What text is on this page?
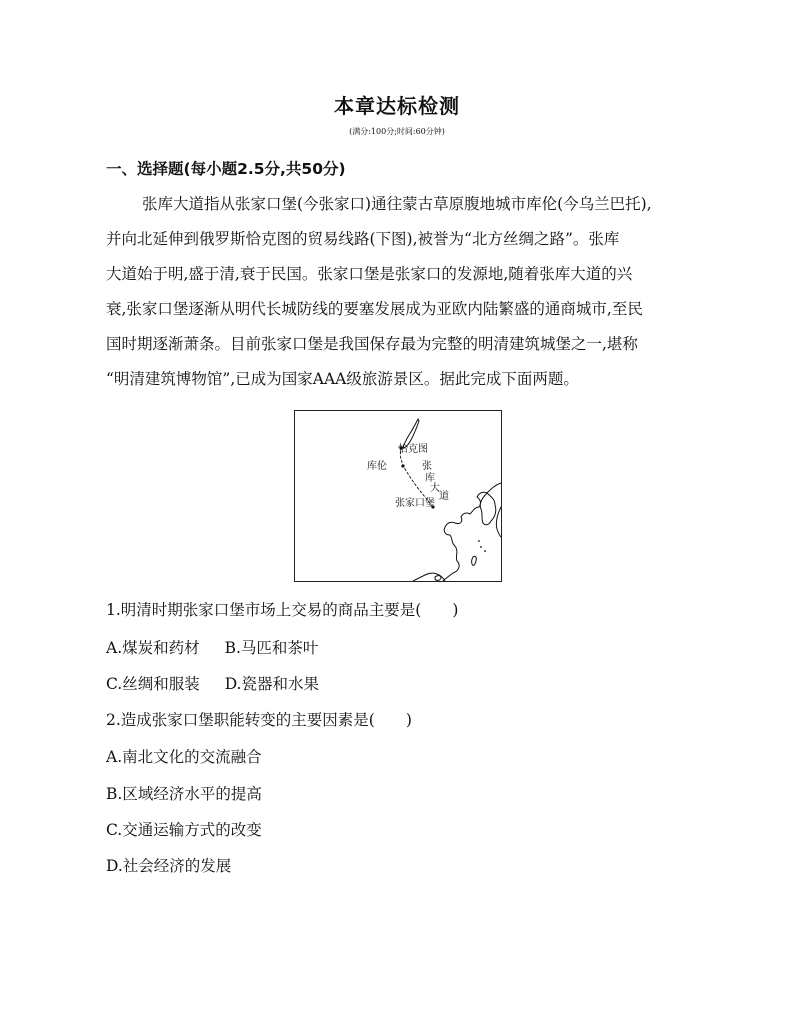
本章达标检测
(满分:100分;时间:60分钟)
一、选择题(每小题2.5分,共50分)
张库大道指从张家口堡(今张家口)通往蒙古草原腹地城市库伦(今乌兰巴托),
并向北延伸到俄罗斯恰克图的贸易线路(下图),被誉为“北方丝绸之路”。张库
大道始于明,盛于清,衰于民国。张家口堡是张家口的发源地,随着张库大道的兴
衰,张家口堡逐渐从明代长城防线的要塞发展成为亚欧内陆繁盛的通商城市,至民
国时期逐渐萧条。目前张家口堡是我国保存最为完整的明清建筑城堡之一,堪称
“明清建筑博物馆”,已成为国家AAA级旅游景区。据此完成下面两题。
恰克图
库伦	张
库
大
道
张家口堡
1.明清时期张家口堡市场上交易的商品主要是(　　)
A.煤炭和药材 B.马匹和茶叶
C.丝绸和服装 D.瓷器和水果
2.造成张家口堡职能转变的主要因素是(　　)
A.南北文化的交流融合
B.区域经济水平的提高
C.交通运输方式的改变
D.社会经济的发展
